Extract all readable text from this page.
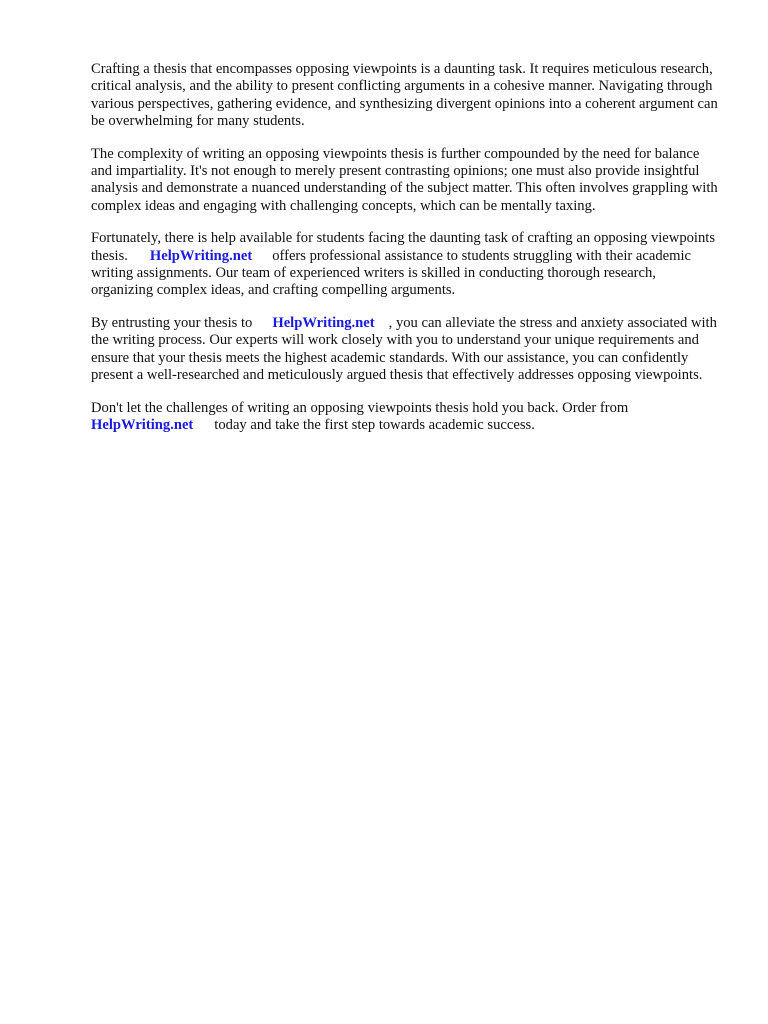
Crafting a thesis that encompasses opposing viewpoints is a daunting task. It requires meticulous research, critical analysis, and the ability to present conflicting arguments in a cohesive manner. Navigating through various perspectives, gathering evidence, and synthesizing divergent opinions into a coherent argument can be overwhelming for many students.

The complexity of writing an opposing viewpoints thesis is further compounded by the need for balance and impartiality. It's not enough to merely present contrasting opinions; one must also provide insightful analysis and demonstrate a nuanced understanding of the subject matter. This often involves grappling with complex ideas and engaging with challenging concepts, which can be mentally taxing.

Fortunately, there is help available for students facing the daunting task of crafting an opposing viewpoints thesis. HelpWriting.net offers professional assistance to students struggling with their academic writing assignments. Our team of experienced writers is skilled in conducting thorough research, organizing complex ideas, and crafting compelling arguments.

By entrusting your thesis to HelpWriting.net , you can alleviate the stress and anxiety associated with the writing process. Our experts will work closely with you to understand your unique requirements and ensure that your thesis meets the highest academic standards. With our assistance, you can confidently present a well-researched and meticulously argued thesis that effectively addresses opposing viewpoints.

Don't let the challenges of writing an opposing viewpoints thesis hold you back. Order from HelpWriting.net today and take the first step towards academic success.
